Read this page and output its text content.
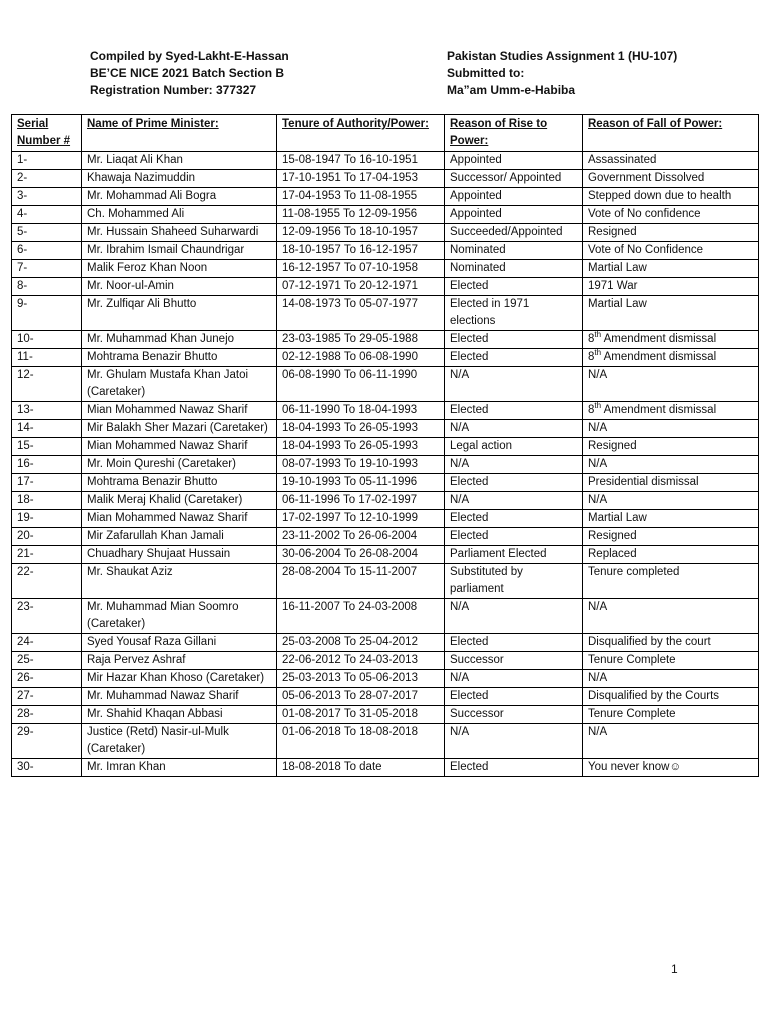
Compiled by Syed-Lakht-E-Hassan
BE’CE NICE 2021 Batch Section B
Registration Number: 377327
Pakistan Studies Assignment 1 (HU-107)
Submitted to:
Ma”am Umm-e-Habiba
Serial Number #	Name of Prime Minister:	Tenure of Authority/Power:	Reason of Rise to Power:	Reason of Fall of Power:
1-	Mr. Liaqat Ali Khan	15-08-1947 To 16-10-1951	Appointed	Assassinated
2-	Khawaja Nazimuddin	17-10-1951 To 17-04-1953	Successor/ Appointed	Government Dissolved
3-	Mr. Mohammad Ali Bogra	17-04-1953 To 11-08-1955	Appointed	Stepped down due to health
4-	Ch. Mohammed Ali	11-08-1955 To 12-09-1956	Appointed	Vote of No confidence
5-	Mr. Hussain Shaheed Suharwardi	12-09-1956 To 18-10-1957	Succeeded/Appointed	Resigned
6-	Mr. Ibrahim Ismail Chaundrigar	18-10-1957 To 16-12-1957	Nominated	Vote of No Confidence
7-	Malik Feroz Khan Noon	16-12-1957 To 07-10-1958	Nominated	Martial Law
8-	Mr. Noor-ul-Amin	07-12-1971 To 20-12-1971	Elected	1971 War
9-	Mr. Zulfiqar Ali Bhutto	14-08-1973 To 05-07-1977	Elected in 1971 elections	Martial Law
10-	Mr. Muhammad Khan Junejo	23-03-1985 To 29-05-1988	Elected	8th Amendment dismissal
11-	Mohtrama Benazir Bhutto	02-12-1988 To 06-08-1990	Elected	8th Amendment dismissal
12-	Mr. Ghulam Mustafa Khan Jatoi (Caretaker)	06-08-1990 To 06-11-1990	N/A	N/A
13-	Mian Mohammed Nawaz Sharif	06-11-1990 To 18-04-1993	Elected	8th Amendment dismissal
14-	Mir Balakh Sher Mazari (Caretaker)	18-04-1993 To 26-05-1993	N/A	N/A
15-	Mian Mohammed Nawaz Sharif	18-04-1993 To 26-05-1993	Legal action	Resigned
16-	Mr. Moin Qureshi (Caretaker)	08-07-1993 To 19-10-1993	N/A	N/A
17-	Mohtrama Benazir Bhutto	19-10-1993 To 05-11-1996	Elected	Presidential dismissal
18-	Malik Meraj Khalid (Caretaker)	06-11-1996 To 17-02-1997	N/A	N/A
19-	Mian Mohammed Nawaz Sharif	17-02-1997 To 12-10-1999	Elected	Martial Law
20-	Mir Zafarullah Khan Jamali	23-11-2002 To 26-06-2004	Elected	Resigned
21-	Chuadhary Shujaat Hussain	30-06-2004 To 26-08-2004	Parliament Elected	Replaced
22-	Mr. Shaukat Aziz	28-08-2004 To 15-11-2007	Substituted by parliament	Tenure completed
23-	Mr. Muhammad Mian Soomro (Caretaker)	16-11-2007 To 24-03-2008	N/A	N/A
24-	Syed Yousaf Raza Gillani	25-03-2008 To 25-04-2012	Elected	Disqualified by the court
25-	Raja Pervez Ashraf	22-06-2012 To 24-03-2013	Successor	Tenure Complete
26-	Mir Hazar Khan Khoso (Caretaker)	25-03-2013 To 05-06-2013	N/A	N/A
27-	Mr. Muhammad Nawaz Sharif	05-06-2013 To 28-07-2017	Elected	Disqualified by the Courts
28-	Mr. Shahid Khaqan Abbasi	01-08-2017 To 31-05-2018	Successor	Tenure Complete
29-	Justice (Retd) Nasir-ul-Mulk (Caretaker)	01-06-2018 To 18-08-2018	N/A	N/A
30-	Mr. Imran Khan	18-08-2018 To date	Elected	You never know☺
1
